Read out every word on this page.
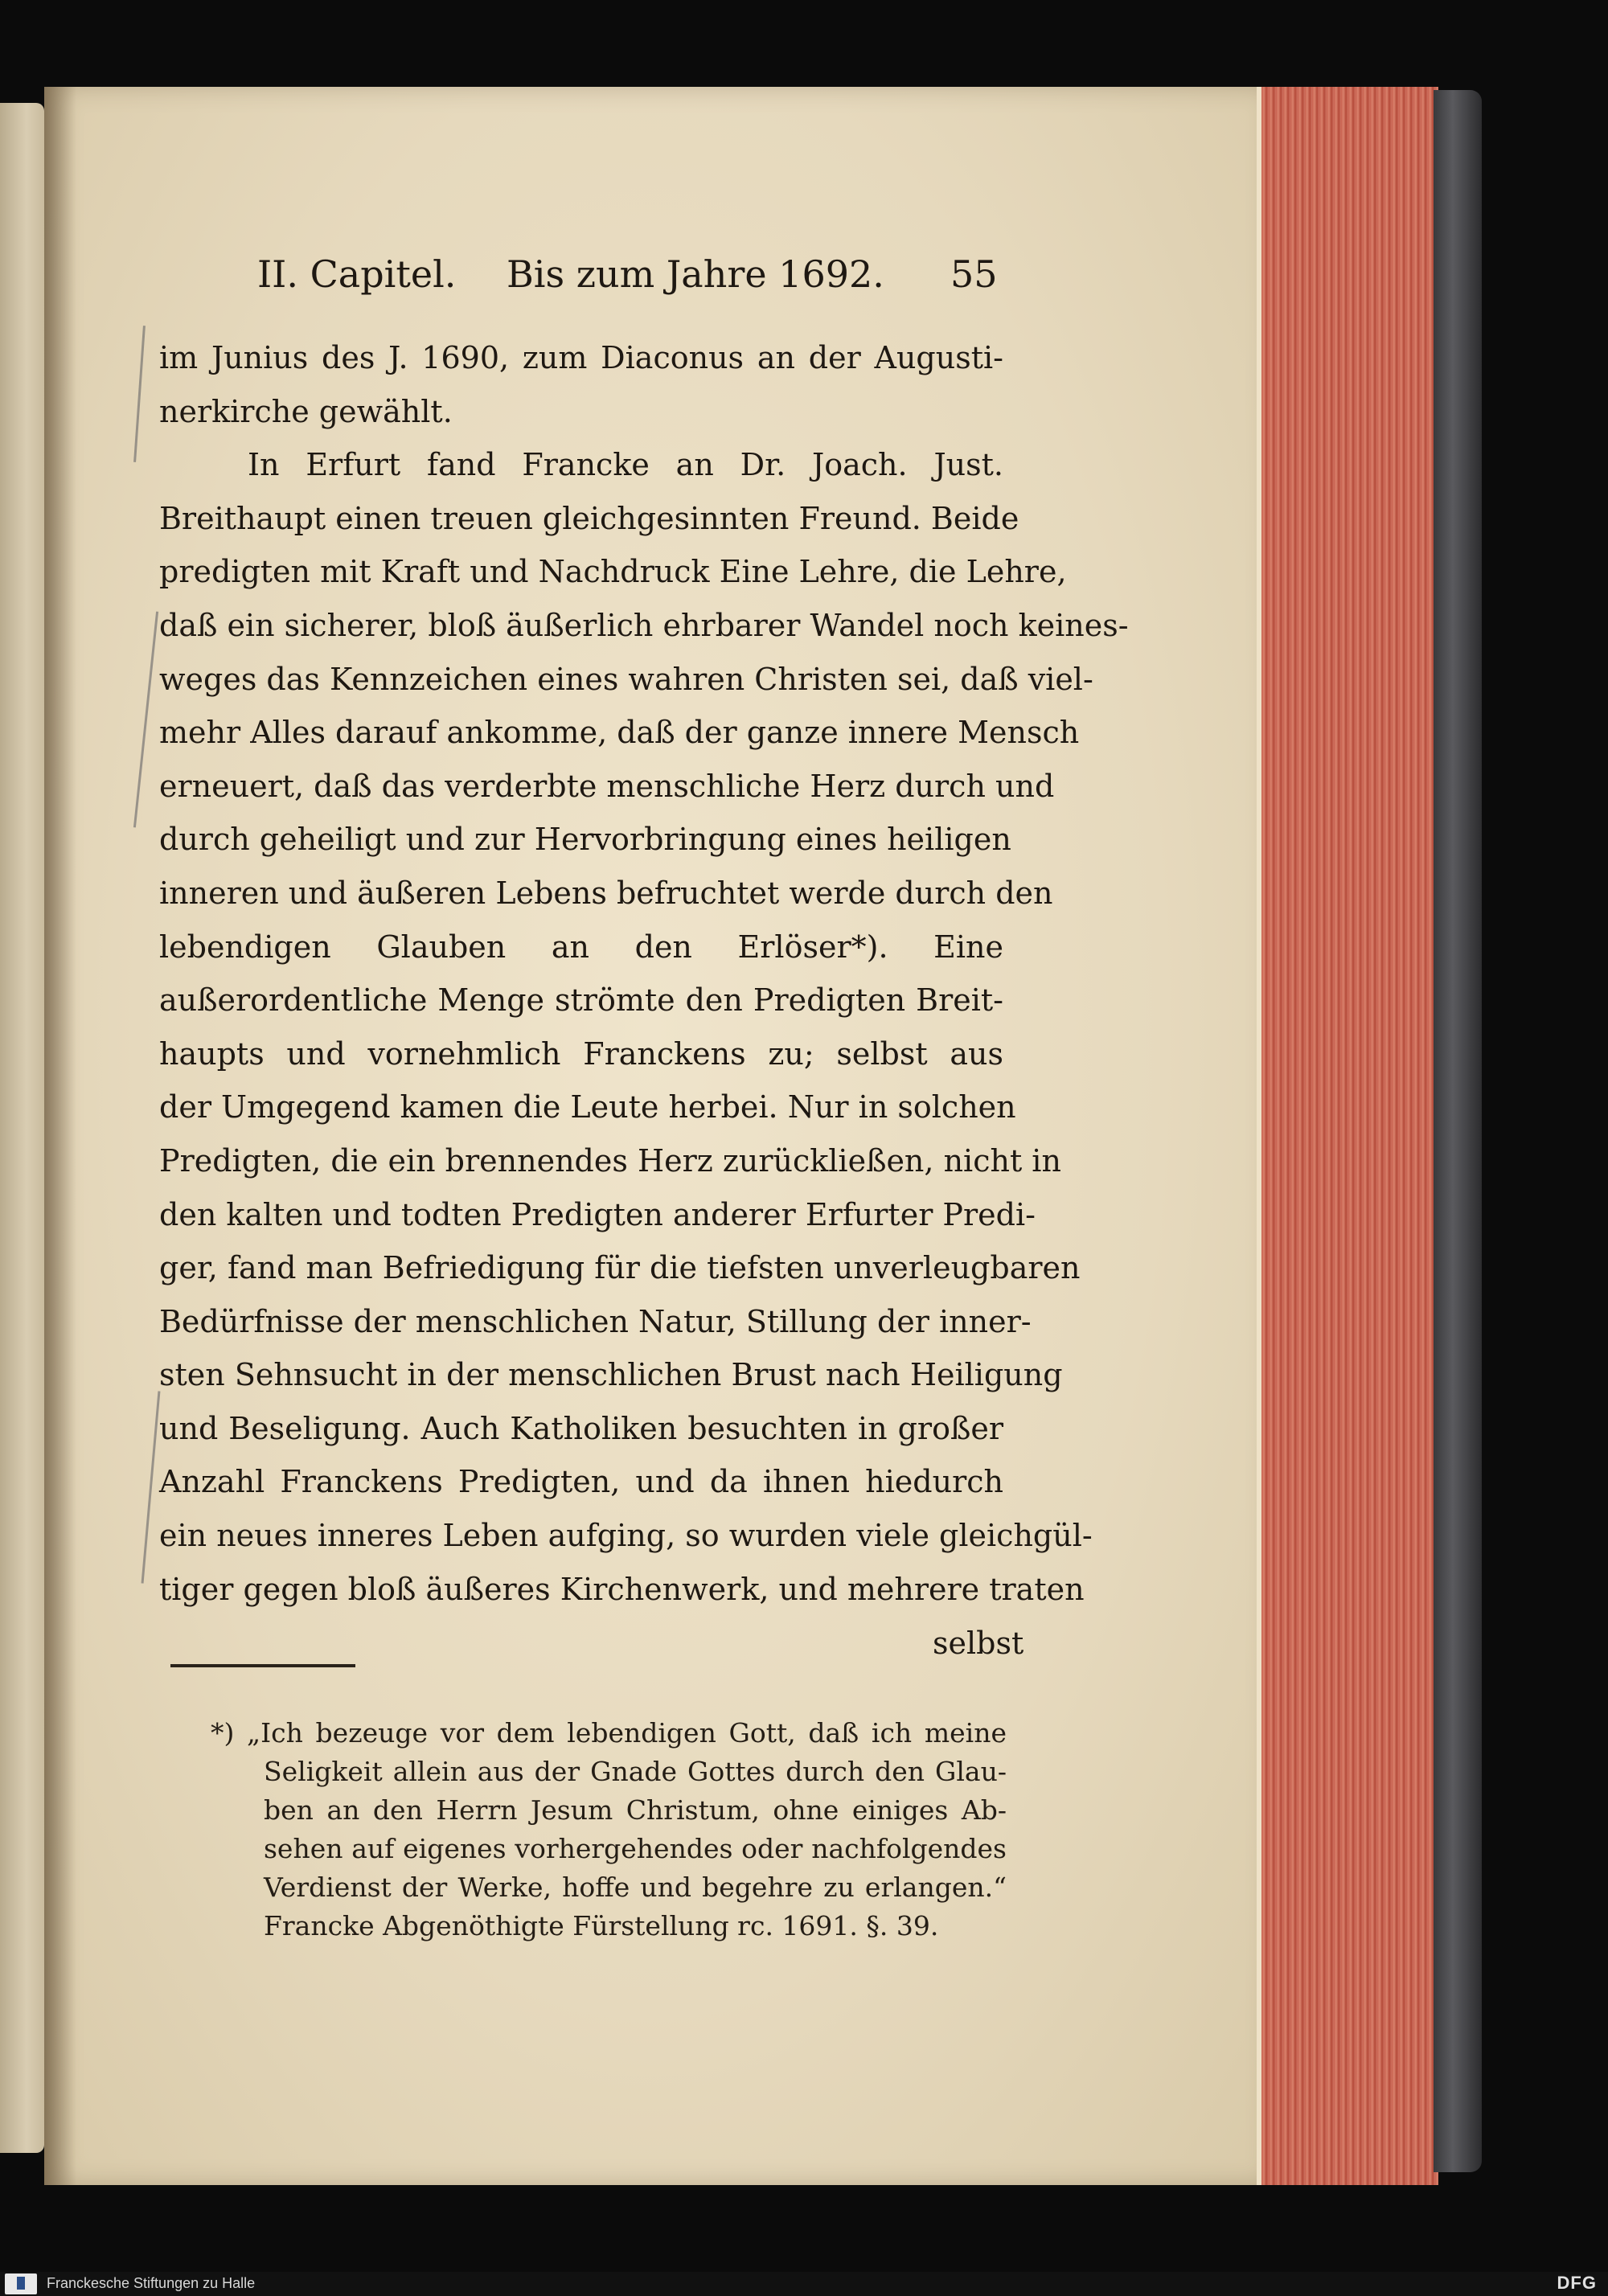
II. Capitel. Bis zum Jahre 1692. 55
im Junius des J. 1690, zum Diaconus an der Augusti-
nerkirche gewählt.
In Erfurt fand Francke an Dr. Joach. Just.
Breithaupt einen treuen gleichgesinnten Freund. Beide
predigten mit Kraft und Nachdruck Eine Lehre, die Lehre,
daß ein sicherer, bloß äußerlich ehrbarer Wandel noch keines-
weges das Kennzeichen eines wahren Christen sei, daß viel-
mehr Alles darauf ankomme, daß der ganze innere Mensch
erneuert, daß das verderbte menschliche Herz durch und
durch geheiligt und zur Hervorbringung eines heiligen
inneren und äußeren Lebens befruchtet werde durch den
lebendigen Glauben an den Erlöser*). Eine
außerordentliche Menge strömte den Predigten Breit-
haupts und vornehmlich Franckens zu; selbst aus
der Umgegend kamen die Leute herbei. Nur in solchen
Predigten, die ein brennendes Herz zurückließen, nicht in
den kalten und todten Predigten anderer Erfurter Predi-
ger, fand man Befriedigung für die tiefsten unverleugbaren
Bedürfnisse der menschlichen Natur, Stillung der inner-
sten Sehnsucht in der menschlichen Brust nach Heiligung
und Beseligung. Auch Katholiken besuchten in großer
Anzahl Franckens Predigten, und da ihnen hiedurch
ein neues inneres Leben aufging, so wurden viele gleichgül-
tiger gegen bloß äußeres Kirchenwerk, und mehrere traten
selbst
*) „Ich bezeuge vor dem lebendigen Gott, daß ich meine
Seligkeit allein aus der Gnade Gottes durch den Glau-
ben an den Herrn Jesum Christum, ohne einiges Ab-
sehen auf eigenes vorhergehendes oder nachfolgendes
Verdienst der Werke, hoffe und begehre zu erlangen.“
Francke Abgenöthigte Fürstellung rc. 1691. §. 39.
Franckesche Stiftungen zu Halle	DFG
